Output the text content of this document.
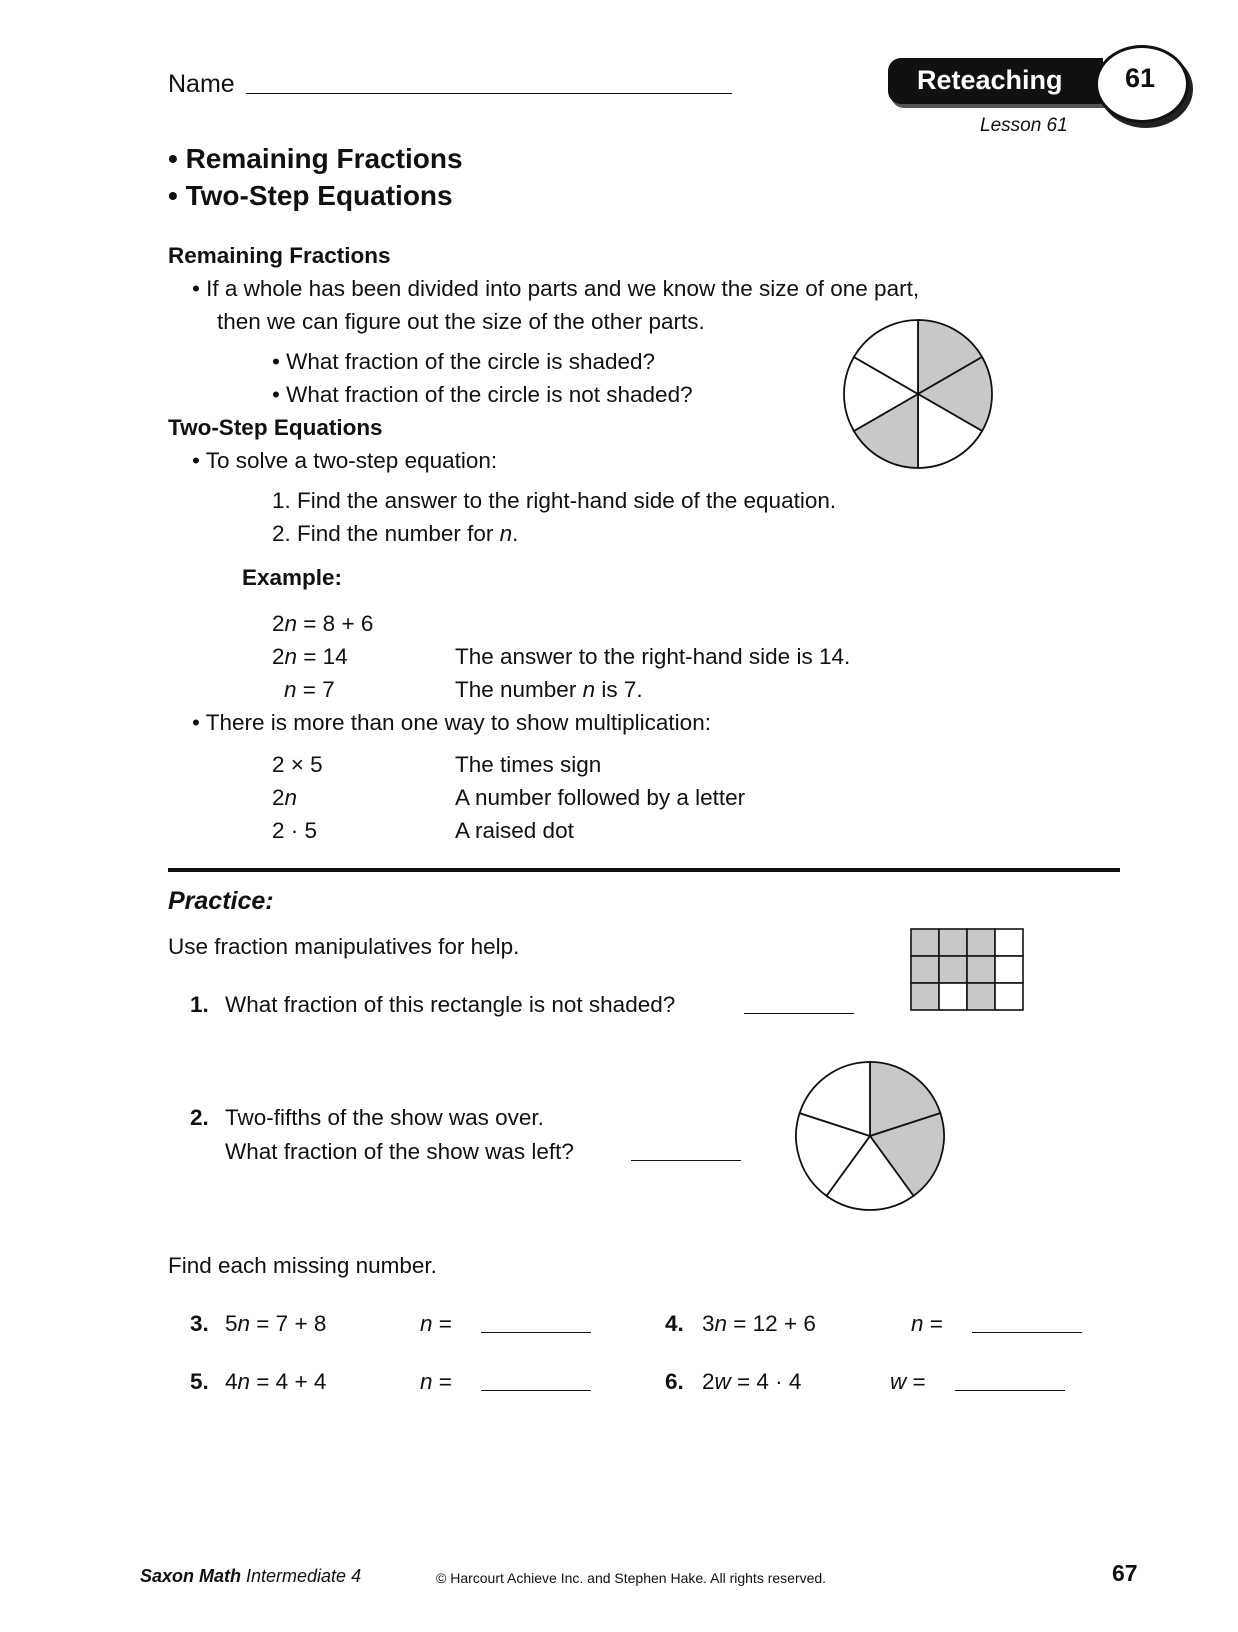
Name	Reteaching	61
Lesson 61
• Remaining Fractions
• Two-Step Equations
Remaining Fractions
• If a whole has been divided into parts and we know the size of one part,
then we can figure out the size of the other parts.
• What fraction of the circle is shaded?
• What fraction of the circle is not shaded?
Two-Step Equations
• To solve a two-step equation:
1. Find the answer to the right-hand side of the equation.
2. Find the number for n.
Example:
2n = 8 + 6
2n = 14	The answer to the right-hand side is 14.
n = 7	The number n is 7.
• There is more than one way to show multiplication:
2 × 5	The times sign
2n	A number followed by a letter
2 · 5	A raised dot
Practice:
Use fraction manipulatives for help.
1. What fraction of this rectangle is not shaded?
2. Two-fifths of the show was over.
What fraction of the show was left?
Find each missing number.
3. 5n = 7 + 8	n =	4. 3n = 12 + 6	n =
5. 4n = 4 + 4	n =	6. 2w = 4 · 4	w =
Saxon Math Intermediate 4	© Harcourt Achieve Inc. and Stephen Hake. All rights reserved.	67
